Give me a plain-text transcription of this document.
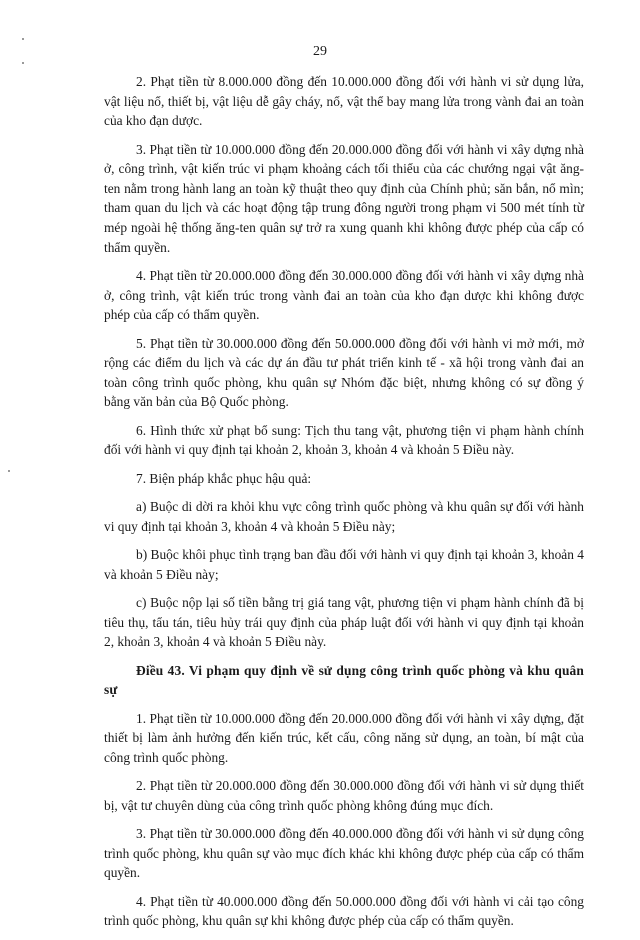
29

2. Phạt tiền từ 8.000.000 đồng đến 10.000.000 đồng đối với hành vi sử dụng lửa, vật liệu nổ, thiết bị, vật liệu dễ gây cháy, nổ, vật thể bay mang lửa trong vành đai an toàn của kho đạn dược.

3. Phạt tiền từ 10.000.000 đồng đến 20.000.000 đồng đối với hành vi xây dựng nhà ở, công trình, vật kiến trúc vi phạm khoảng cách tối thiểu của các chướng ngại vật ăng-ten nằm trong hành lang an toàn kỹ thuật theo quy định của Chính phủ; săn bắn, nổ mìn; tham quan du lịch và các hoạt động tập trung đông người trong phạm vi 500 mét tính từ mép ngoài hệ thống ăng-ten quân sự trở ra xung quanh khi không được phép của cấp có thẩm quyền.

4. Phạt tiền từ 20.000.000 đồng đến 30.000.000 đồng đối với hành vi xây dựng nhà ở, công trình, vật kiến trúc trong vành đai an toàn của kho đạn dược khi không được phép của cấp có thẩm quyền.

5. Phạt tiền từ 30.000.000 đồng đến 50.000.000 đồng đối với hành vi mở mới, mở rộng các điểm du lịch và các dự án đầu tư phát triển kinh tế - xã hội trong vành đai an toàn công trình quốc phòng, khu quân sự Nhóm đặc biệt, nhưng không có sự đồng ý bằng văn bản của Bộ Quốc phòng.

6. Hình thức xử phạt bổ sung: Tịch thu tang vật, phương tiện vi phạm hành chính đối với hành vi quy định tại khoản 2, khoản 3, khoản 4 và khoản 5 Điều này.

7. Biện pháp khắc phục hậu quả:

a) Buộc di dời ra khỏi khu vực công trình quốc phòng và khu quân sự đối với hành vi quy định tại khoản 3, khoản 4 và khoản 5 Điều này;

b) Buộc khôi phục tình trạng ban đầu đối với hành vi quy định tại khoản 3, khoản 4 và khoản 5 Điều này;

c) Buộc nộp lại số tiền bằng trị giá tang vật, phương tiện vi phạm hành chính đã bị tiêu thụ, tẩu tán, tiêu hủy trái quy định của pháp luật đối với hành vi quy định tại khoản 2, khoản 3, khoản 4 và khoản 5 Điều này.

Điều 43. Vi phạm quy định về sử dụng công trình quốc phòng và khu quân sự

1. Phạt tiền từ 10.000.000 đồng đến 20.000.000 đồng đối với hành vi xây dựng, đặt thiết bị làm ảnh hưởng đến kiến trúc, kết cấu, công năng sử dụng, an toàn, bí mật của công trình quốc phòng.

2. Phạt tiền từ 20.000.000 đồng đến 30.000.000 đồng đối với hành vi sử dụng thiết bị, vật tư chuyên dùng của công trình quốc phòng không đúng mục đích.

3. Phạt tiền từ 30.000.000 đồng đến 40.000.000 đồng đối với hành vi sử dụng công trình quốc phòng, khu quân sự vào mục đích khác khi không được phép của cấp có thẩm quyền.

4. Phạt tiền từ 40.000.000 đồng đến 50.000.000 đồng đối với hành vi cải tạo công trình quốc phòng, khu quân sự khi không được phép của cấp có thẩm quyền.
